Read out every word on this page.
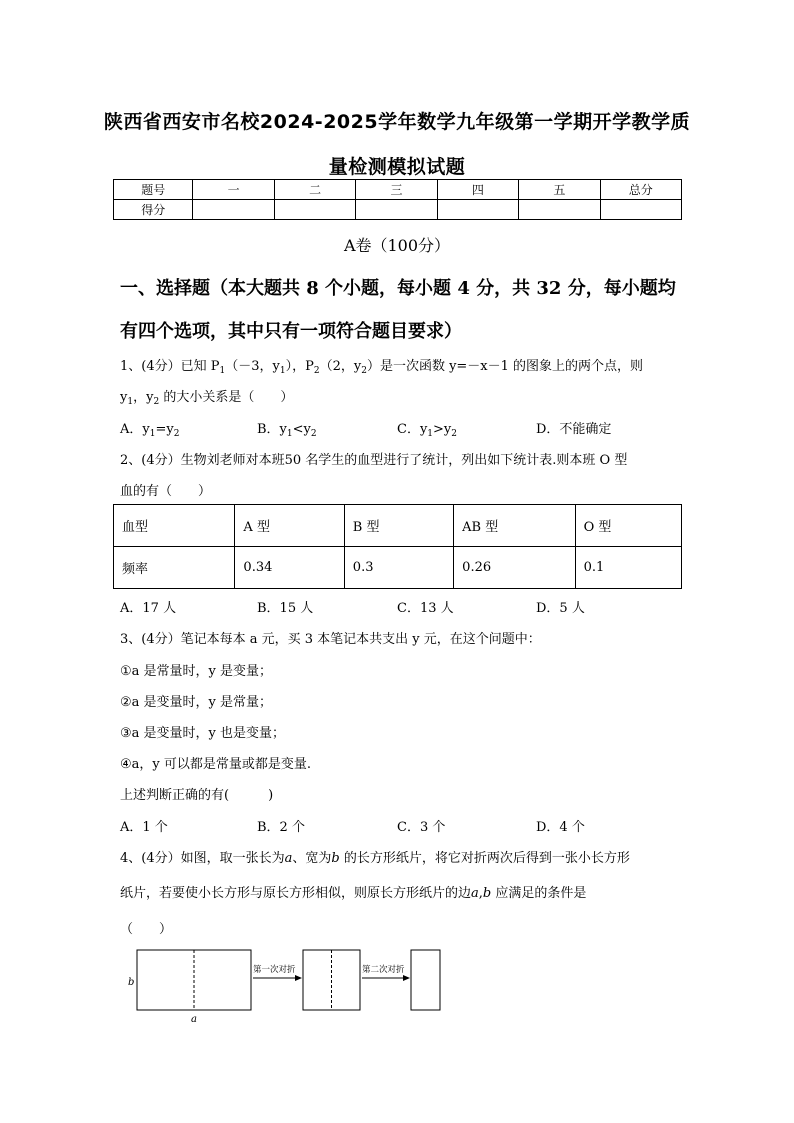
陕西省西安市名校2024-2025学年数学九年级第一学期开学教学质
量检测模拟试题
题号	一	二	三	四	五	总分
得分						
A卷（100分）
一、选择题（本大题共 8 个小题，每小题 4 分，共 32 分，每小题均
有四个选项，其中只有一项符合题目要求）
1、(4分）已知 $P_1(-3$，$y_1$），$P_2(2$，$y_2$）是一次函数 y=－x－1 的图象上的两个点，则
$y_1$，$y_2$ 的大小关系是（　　）
A．$y_1=y_2$	B．$y_1<y_2$	C．$y_1>y_2$	D．不能确定
2、(4分）生物刘老师对本班50 名学生的血型进行了统计，列出如下统计表.则本班 O 型
血的有（　　）
血型	A 型	B 型	AB 型	O 型
频率	0.34	0.3	0.26	0.1
A．17 人	B．15 人	C．13 人	D．5 人
3、(4分）笔记本每本 a 元，买 3 本笔记本共支出 y 元，在这个问题中：
①a 是常量时，y 是变量；
②a 是变量时，y 是常量；
③a 是变量时，y 也是变量；
④a，y 可以都是常量或都是变量.
上述判断正确的有(　　　)
A．1 个	B．2 个	C．3 个	D．4 个
4、(4分）如图，取一张长为𝑎、宽为𝑏 的长方形纸片，将它对折两次后得到一张小长方形
纸片，若要使小长方形与原长方形相似，则原长方形纸片的边𝑎,𝑏 应满足的条件是
（　　）
b
a
第一次对折	第二次对折
